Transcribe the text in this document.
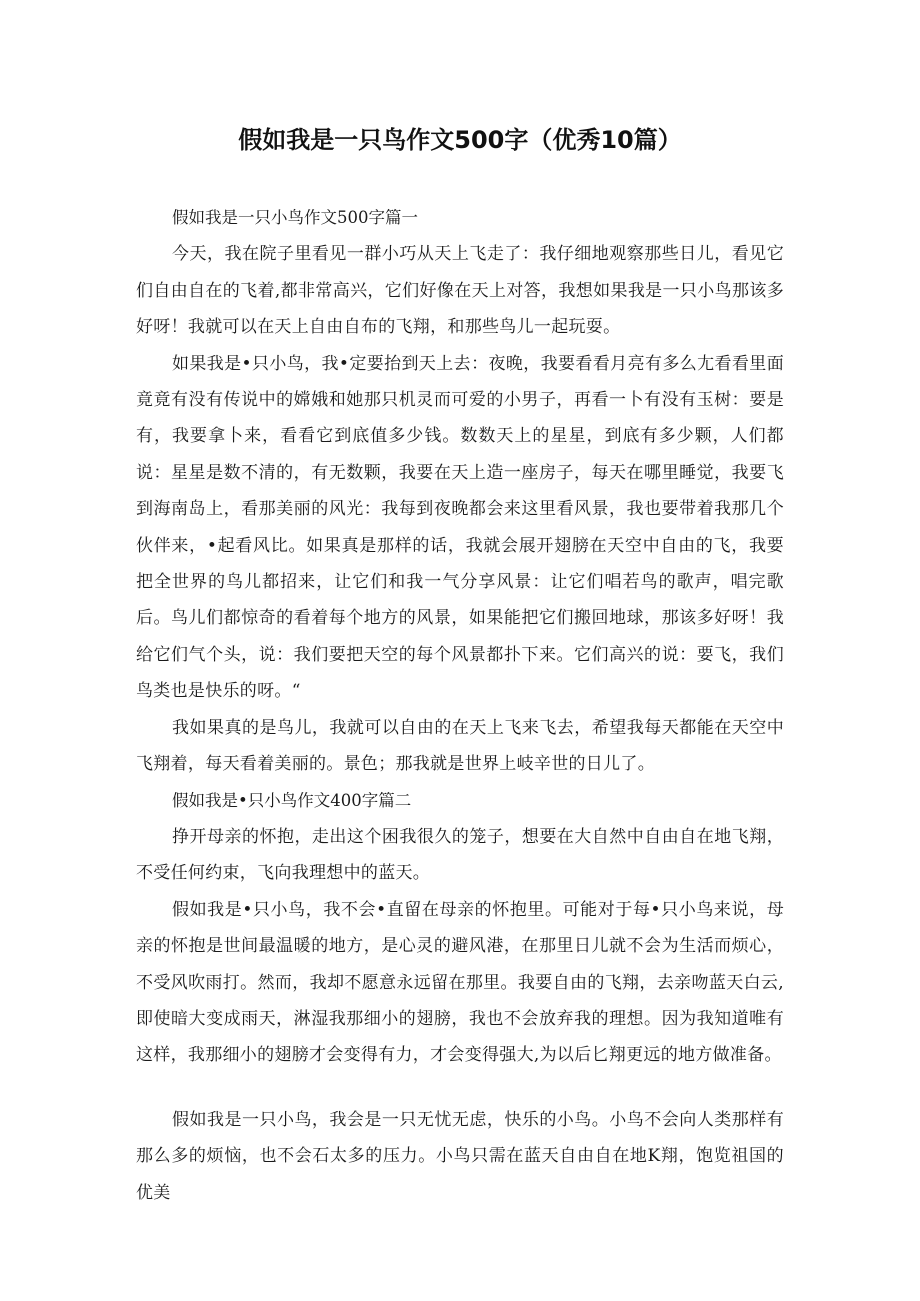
假如我是一只鸟作文500字（优秀10篇）

假如我是一只小鸟作文500字篇一

今天，我在院子里看见一群小巧从天上飞走了：我仔细地观察那些日儿，看见它们自由自在的飞着,都非常高兴，它们好像在天上对答，我想如果我是一只小鸟那该多好呀！我就可以在天上自由自布的飞翔，和那些鸟儿一起玩耍。

如果我是•只小鸟，我•定要抬到天上去：夜晚，我要看看月亮有多么尢看看里面竟竟有没有传说中的嫦娥和她那只机灵而可爱的小男子，再看一卜有没有玉树：要是有，我要拿卜来，看看它到底值多少钱。数数天上的星星，到底有多少颗，人们都说：星星是数不清的，有无数颗，我要在天上造一座房子，每天在哪里睡觉，我要飞到海南岛上，看那美丽的风光：我每到夜晚都会来这里看风景，我也要带着我那几个伙伴来，•起看风比。如果真是那样的话，我就会展开翅膀在天空中自由的飞，我要把全世界的鸟儿都招来，让它们和我一气分享风景：让它们唱若鸟的歌声，唱完歌后。鸟儿们都惊奇的看着每个地方的风景，如果能把它们搬回地球，那该多好呀！我给它们气个头，说：我们要把天空的每个风景都扑下来。它们高兴的说：要飞，我们鸟类也是快乐的呀。“

我如果真的是鸟儿，我就可以自由的在天上飞来飞去，希望我每天都能在天空中飞翔着，每天看着美丽的。景色；那我就是世界上岐辛世的日儿了。

假如我是•只小鸟作文400字篇二

挣开母亲的怀抱，走出这个困我很久的笼子，想要在大自然中自由自在地飞翔，不受任何约束，飞向我理想中的蓝天。

假如我是•只小鸟，我不会•直留在母亲的怀抱里。可能对于每•只小鸟来说，母亲的怀抱是世间最温暖的地方，是心灵的避风港，在那里日儿就不会为生活而烦心，不受风吹雨打。然而，我却不愿意永远留在那里。我要自由的飞翔，去亲吻蓝天白云,即使暗大变成雨天，淋湿我那细小的翅膀，我也不会放弃我的理想。因为我知道唯有这样，我那细小的翅膀才会变得有力，才会变得强大,为以后匕翔更远的地方做准备。

假如我是一只小鸟，我会是一只无忧无虑，快乐的小鸟。小鸟不会向人类那样有那么多的烦恼，也不会石太多的压力。小鸟只需在蓝天自由自在地K翔，饱览祖国的优美
